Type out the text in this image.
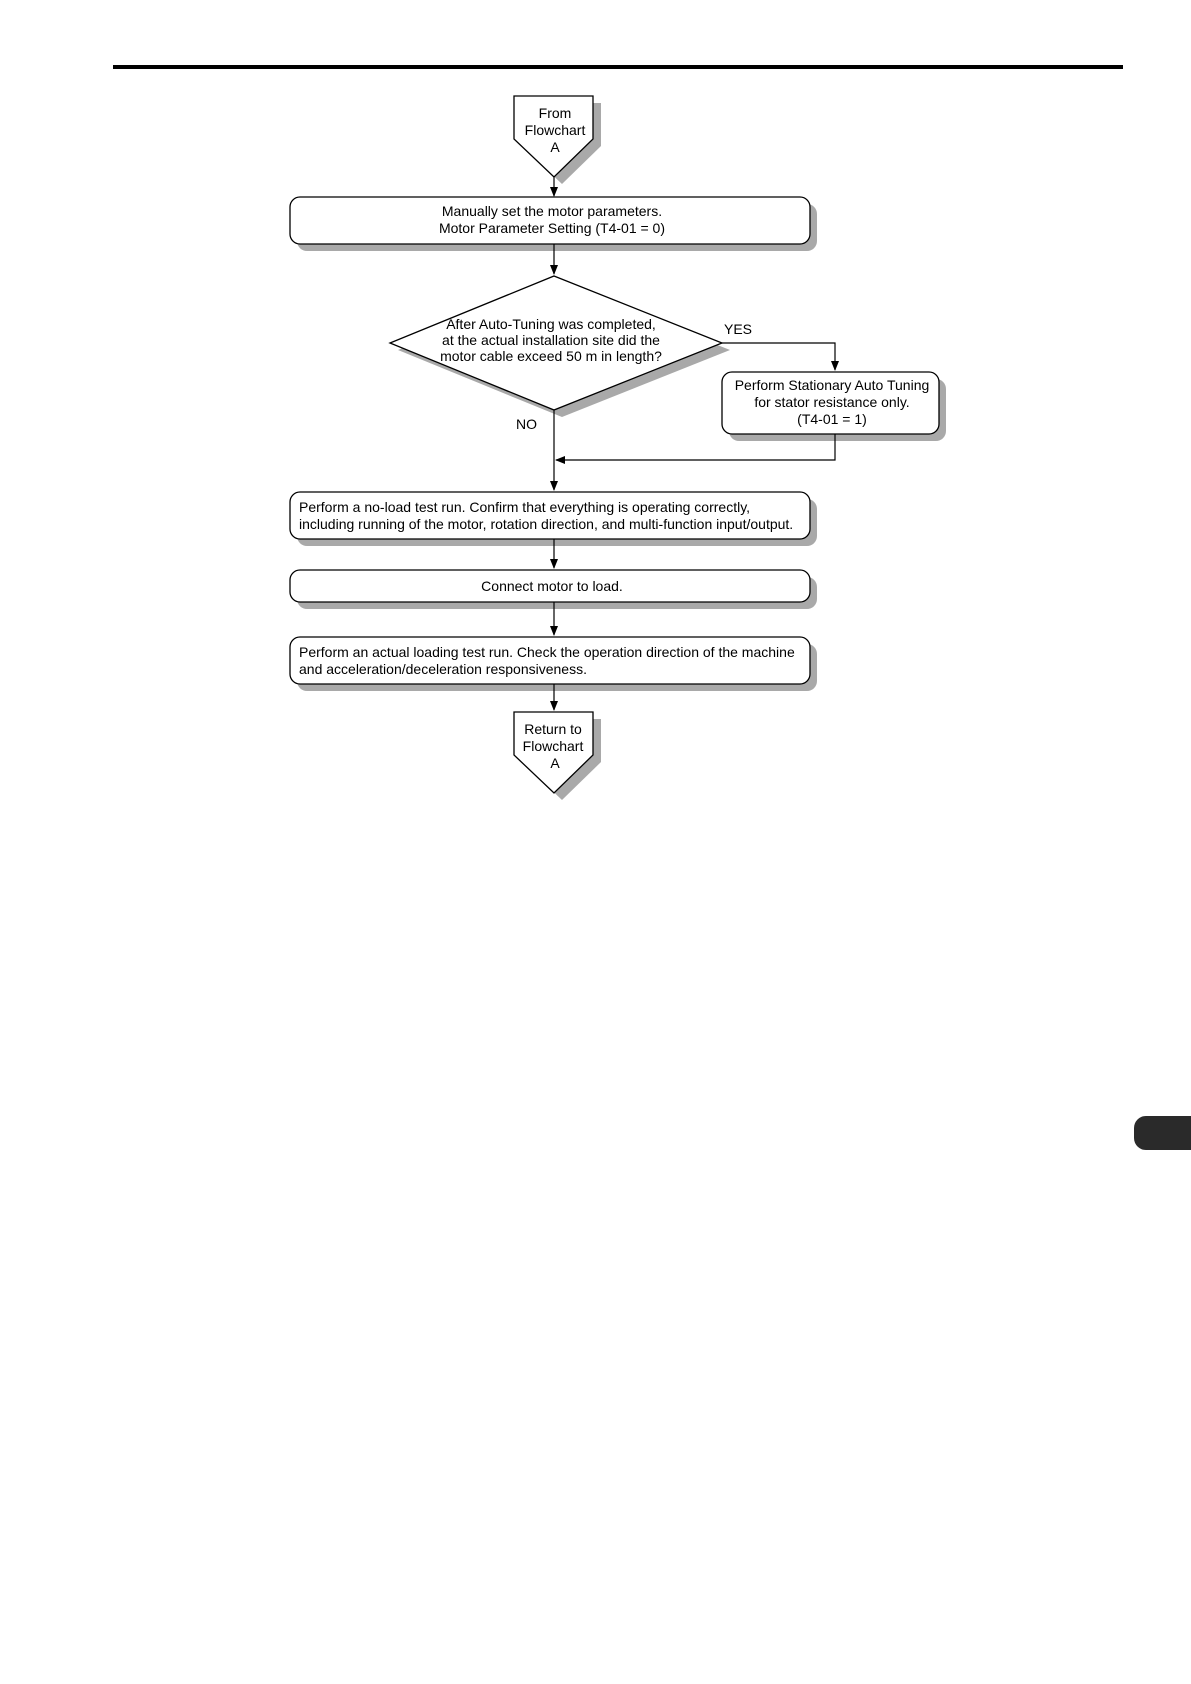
From
Flowchart
A
Manually set the motor parameters.
Motor Parameter Setting (T4-01 = 0)
After Auto-Tuning was completed,
at the actual installation site did the
motor cable exceed 50 m in length?
YES
Perform Stationary Auto Tuning
for stator resistance only.
(T4-01 = 1)
NO
Perform a no-load test run. Confirm that everything is operating correctly,
including running of the motor, rotation direction, and multi-function input/output.
Connect motor to load.
Perform an actual loading test run. Check the operation direction of the machine
and acceleration/deceleration responsiveness.
Return to
Flowchart
A
